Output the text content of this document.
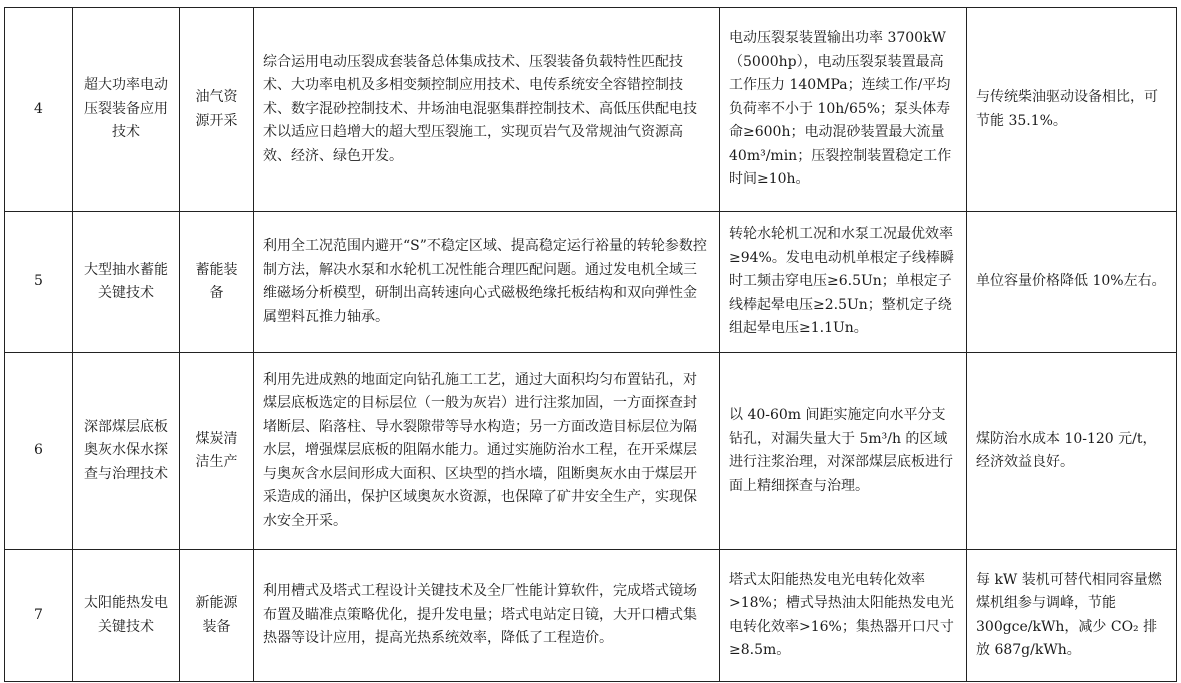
4	超大功率电动压裂装备应用技术	油气资源开采	综合运用电动压裂成套装备总体集成技术、压裂装备负载特性匹配技术、大功率电机及多相变频控制应用技术、电传系统安全容错控制技术、数字混砂控制技术、井场油电混驱集群控制技术、高低压供配电技术以适应日趋增大的超大型压裂施工，实现页岩气及常规油气资源高效、经济、绿色开发。	电动压裂泵装置输出功率 3700kW（5000hp），电动压裂泵装置最高工作压力 140MPa；连续工作/平均负荷率不小于 10h/65%；泵头体寿命≥600h；电动混砂装置最大流量 40m³/min；压裂控制装置稳定工作时间≥10h。	与传统柴油驱动设备相比，可节能 35.1%。
5	大型抽水蓄能关键技术	蓄能装备	利用全工况范围内避开“S”不稳定区域、提高稳定运行裕量的转轮参数控制方法，解决水泵和水轮机工况性能合理匹配问题。通过发电机全域三维磁场分析模型，研制出高转速向心式磁极绝缘托板结构和双向弹性金属塑料瓦推力轴承。	转轮水轮机工况和水泵工况最优效率≥94%。发电电动机单根定子线棒瞬时工频击穿电压≥6.5Un；单根定子线棒起晕电压≥2.5Un；整机定子绕组起晕电压≥1.1Un。	单位容量价格降低 10%左右。
6	深部煤层底板奥灰水保水探查与治理技术	煤炭清洁生产	利用先进成熟的地面定向钻孔施工工艺，通过大面积均匀布置钻孔，对煤层底板选定的目标层位（一般为灰岩）进行注浆加固，一方面探查封堵断层、陷落柱、导水裂隙带等导水构造；另一方面改造目标层位为隔水层，增强煤层底板的阻隔水能力。通过实施防治水工程，在开采煤层与奥灰含水层间形成大面积、区块型的挡水墙，阻断奥灰水由于煤层开采造成的涌出，保护区域奥灰水资源，也保障了矿井安全生产，实现保水安全开采。	以 40-60m 间距实施定向水平分支钻孔，对漏失量大于 5m³/h 的区域进行注浆治理，对深部煤层底板进行面上精细探查与治理。	煤防治水成本 10-120 元/t，经济效益良好。
7	太阳能热发电关键技术	新能源装备	利用槽式及塔式工程设计关键技术及全厂性能计算软件，完成塔式镜场布置及瞄准点策略优化，提升发电量；塔式电站定日镜，大开口槽式集热器等设计应用，提高光热系统效率，降低了工程造价。	塔式太阳能热发电光电转化效率>18%；槽式导热油太阳能热发电光电转化效率>16%；集热器开口尺寸≥8.5m。	每 kW 装机可替代相同容量燃煤机组参与调峰，节能 300gce/kWh，减少 CO₂ 排放 687g/kWh。
